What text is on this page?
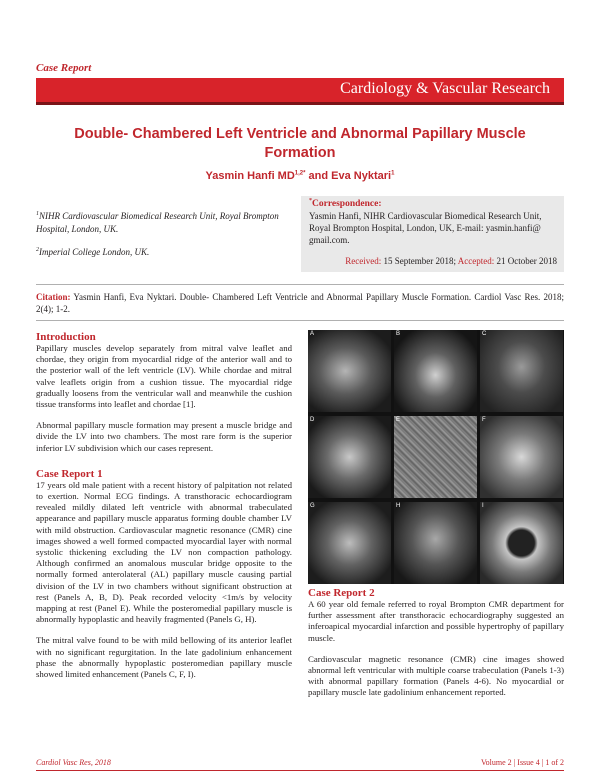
Case Report
Cardiology & Vascular Research
Double- Chambered Left Ventricle and Abnormal Papillary Muscle Formation
Yasmin Hanfi $MD^{1,2*}$ and Eva Nyktari$^1$
$^1$NIHR Cardiovascular Biomedical Research Unit, Royal Brompton Hospital, London, UK.
$^2$Imperial College London, UK.
*Correspondence:
Yasmin Hanfi, NIHR Cardiovascular Biomedical Research Unit, Royal Brompton Hospital, London, UK, E-mail: yasmin.hanfi@ gmail.com.
Received: 15 September 2018; Accepted: 21 October 2018
Citation: Yasmin Hanfi, Eva Nyktari. Double- Chambered Left Ventricle and Abnormal Papillary Muscle Formation. Cardiol Vasc Res. 2018; 2(4); 1-2.
Introduction
Papillary muscles develop separately from mitral valve leaflet and chordae, they origin from myocardial ridge of the anterior wall and to the posterior wall of the left ventricle (LV). While chordae and mitral valve leaflets origin from a cushion tissue. The myocardial ridge gradually loosens from the ventricular wall and meanwhile the cushion tissue transforms into leaflet and chordae [1].
Abnormal papillary muscle formation may present a muscle bridge and divide the LV into two chambers. The most rare form is the superior inferior LV subdivision which our cases represent.
Case Report 1
17 years old male patient with a recent history of palpitation not related to exertion. Normal ECG findings. A transthoracic echocardiogram revealed mildly dilated left ventricle with abnormal trabeculated appearance and papillary muscle apparatus forming double chamber LV with mild obstruction. Cardiovascular magnetic resonance (CMR) cine images showed a well formed compacted myocardial layer with normal systolic thickening excluding the LV non compaction pathology. Although confirmed an anomalous muscular bridge opposite to the normally formed anterolateral (AL) papillary muscle causing partial division of the LV in two chambers without significant obstruction at rest (Panels A, B, D). Peak recorded velocity <1m/s by velocity mapping at rest (Panel E). While the posteromedial papillary muscle is abnormally hypoplastic and heavily fragmented (Panels G, H).
The mitral valve found to be with mild bellowing of its anterior leaflet with no significant regurgitation. In the late gadolinium enhancement phase the abnormally hypoplastic posteromedian papillary muscle showed limited enhancement (Panels C, F, I).
A	B	C
D	E	F
G	H	I
Case Report 2
A 60 year old female referred to royal Brompton CMR department for further assessment after transthoracic echocardiography suggested an inferoapical myocardial infarction and possible hypertrophy of papillary muscle.
Cardiovascular magnetic resonance (CMR) cine images showed abnormal left ventricular with multiple coarse trabeculation (Panels 1-3) with abnormal papillary formation (Panels 4-6). No myocardial or papillary muscle late gadolinium enhancement reported.
Cardiol Vasc Res, 2018	Volume 2 | Issue 4 | 1 of 2
